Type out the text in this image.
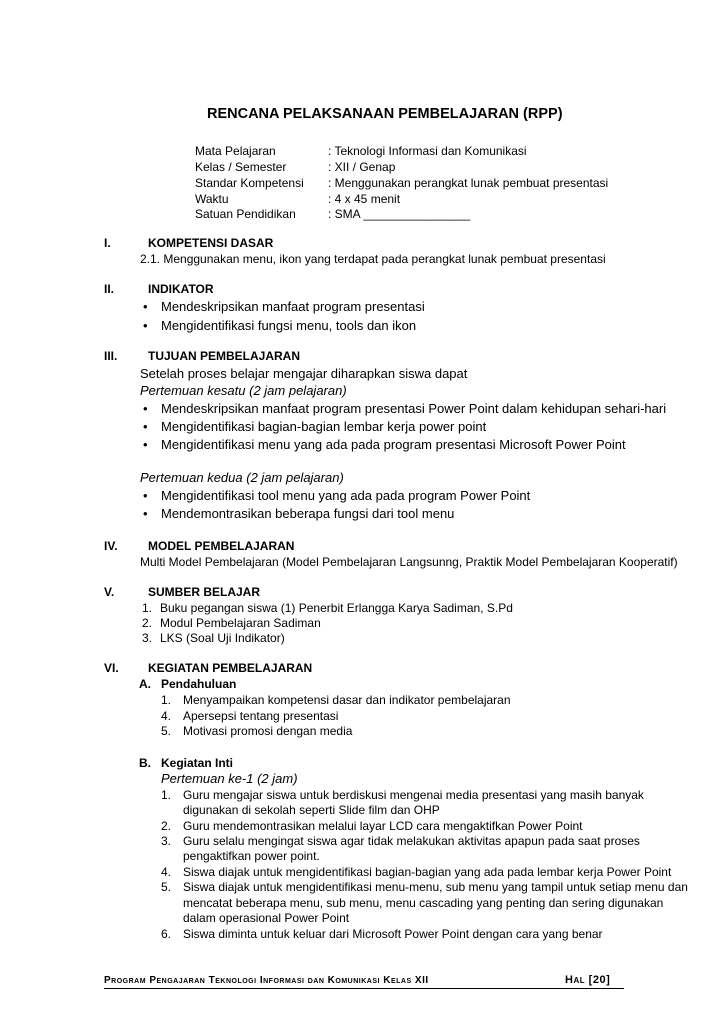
RENCANA PELAKSANAAN PEMBELAJARAN (RPP)
Mata Pelajaran	: Teknologi Informasi dan Komunikasi
Kelas / Semester	: XII / Genap
Standar Kompetensi : Menggunakan perangkat lunak pembuat presentasi
Waktu	: 4 x 45 menit
Satuan Pendidikan	: SMA ________________
I.	KOMPETENSI DASAR
2.1. Menggunakan menu, ikon yang terdapat pada perangkat lunak pembuat presentasi
II.	INDIKATOR
• Mendeskripsikan manfaat program presentasi
• Mengidentifikasi fungsi menu, tools dan ikon
III.	TUJUAN PEMBELAJARAN
Setelah proses belajar mengajar diharapkan siswa dapat
Pertemuan kesatu (2 jam pelajaran)
• Mendeskripsikan manfaat program presentasi Power Point dalam kehidupan sehari-hari
• Mengidentifikasi bagian-bagian lembar kerja power point
• Mengidentifikasi menu yang ada pada program presentasi Microsoft Power Point
Pertemuan kedua (2 jam pelajaran)
• Mengidentifikasi tool menu yang ada pada program Power Point
• Mendemontrasikan beberapa fungsi dari tool menu
IV.	MODEL PEMBELAJARAN
Multi Model Pembelajaran (Model Pembelajaran Langsunng, Praktik Model Pembelajaran Kooperatif)
V.	SUMBER BELAJAR
1. Buku pegangan siswa (1) Penerbit Erlangga Karya Sadiman, S.Pd
2. Modul Pembelajaran Sadiman
3. LKS (Soal Uji Indikator)
VI. KEGIATAN PEMBELAJARAN
A.   Pendahuluan
1. Menyampaikan kompetensi dasar dan indikator pembelajaran
4. Apersepsi tentang presentasi
5. Motivasi promosi dengan media
B.   Kegiatan Inti
Pertemuan ke-1 (2 jam)
1. Guru mengajar siswa untuk berdiskusi mengenai media presentasi yang masih banyak
digunakan di sekolah seperti Slide film dan OHP
2. Guru mendemontrasikan melalui layar LCD cara mengaktifkan Power Point
3. Guru selalu mengingat siswa agar tidak melakukan aktivitas apapun pada saat proses
pengaktifkan power point.
4. Siswa diajak untuk mengidentifikasi bagian-bagian yang ada pada lembar kerja Power Point
5. Siswa diajak untuk mengidentifikasi menu-menu, sub menu yang tampil untuk setiap menu dan
mencatat beberapa menu, sub menu, menu cascading yang penting dan sering digunakan
dalam operasional Power Point
6. Siswa diminta untuk keluar dari Microsoft Power Point dengan cara yang benar
Program Pengajaran Teknologi Informasi dan Komunikasi Kelas XII	Hal [20]
